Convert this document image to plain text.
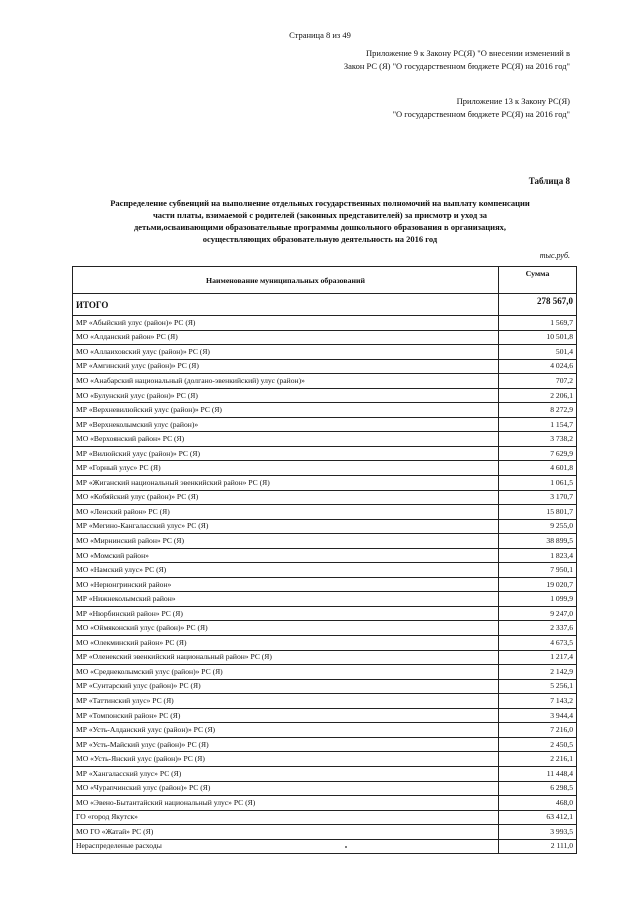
Страница 8 из 49
Приложение 9 к Закону РС(Я) "О внесении изменений в
Закон РС (Я) "О государственном бюджете РС(Я) на 2016 год"
Приложение 13 к Закону РС(Я)
"О государственном бюджете РС(Я) на 2016 год"
Таблица 8
Распределение субвенций на выполнение отдельных государственных полномочий на выплату компенсации
части платы, взимаемой с родителей (законных представителей) за присмотр и уход за
детьми,осваивающими образовательные программы дошкольного образования в организациях,
осуществляющих образовательную деятельность на 2016 год
тыс.руб.
Наименование муниципальных образований	Сумма
ИТОГО	278 567,0
МР «Абыйский улус (район)» РС (Я)	1 569,7
МО «Алданский район» РС (Я)	10 501,8
МО «Аллаиховский улус (район)» РС (Я)	501,4
МР «Амгинский улус (район)» РС (Я)	4 024,6
МО «Анабарский национальный (долгано-эвенкийский) улус (район)»	707,2
МО «Булунский улус (район)» РС (Я)	2 206,1
МР «Верхневилюйский улус (район)» РС (Я)	8 272,9
МР «Верхнеколымский улус (район)»	1 154,7
МО «Верхоянский район» РС (Я)	3 738,2
МР «Вилюйский улус (район)» РС (Я)	7 629,9
МР «Горный улус» РС (Я)	4 601,8
МР «Жиганский национальный эвенкийский район» РС (Я)	1 061,5
МО «Кобяйский улус (район)» РС (Я)	3 170,7
МО «Ленский район» РС (Я)	15 801,7
МР «Мегино-Кангаласский улус» РС (Я)	9 255,0
МО «Мирнинский район» РС (Я)	38 899,5
МО «Момский район»	1 823,4
МО «Намский улус» РС (Я)	7 950,1
МО «Нерюнгринский район»	19 020,7
МР «Нижнеколымский район»	1 099,9
МР «Нюрбинский район» РС (Я)	9 247,0
МО «Оймяконский улус (район)» РС (Я)	2 337,6
МО «Олекминский район» РС (Я)	4 673,5
МР «Оленекский эвенкийский национальный район» РС (Я)	1 217,4
МО «Среднеколымский улус (район)» РС (Я)	2 142,9
МР «Сунтарский улус (район)» РС (Я)	5 256,1
МР «Таттинский улус» РС (Я)	7 143,2
МР «Томпонский район» РС (Я)	3 944,4
МР «Усть-Алданский улус (район)» РС (Я)	7 216,0
МР «Усть-Майский улус (район)» РС (Я)	2 450,5
МО «Усть-Янский улус (район)» РС (Я)	2 216,1
МР «Хангаласский улус» РС (Я)	11 448,4
МО «Чурапчинский улус (район)» РС (Я)	6 298,5
МО «Эвено-Бытантайский национальный улус» РС (Я)	468,0
ГО «город Якутск»	63 412,1
МО ГО «Жатай» РС (Я)	3 993,5
Нераспределеные расходы	2 111,0
